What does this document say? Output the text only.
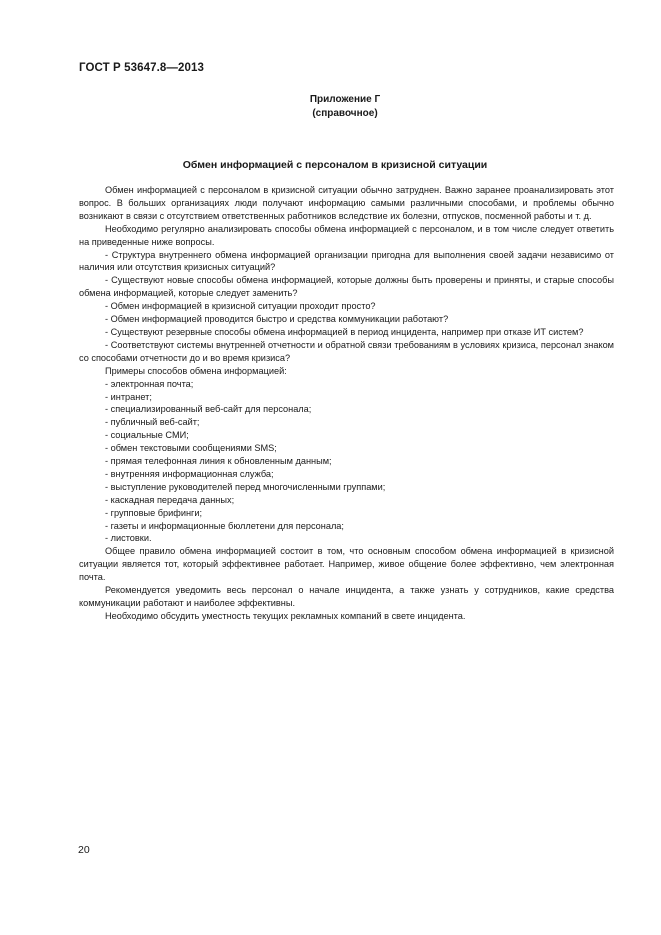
ГОСТ Р 53647.8—2013
Приложение Г
(справочное)
Обмен информацией с персоналом в кризисной ситуации

Обмен информацией с персоналом в кризисной ситуации обычно затруднен. Важно заранее проанализировать этот вопрос. В больших организациях люди получают информацию самыми различными способами, и проблемы обычно возникают в связи с отсутствием ответственных работников вследствие их болезни, отпусков, посменной работы и т. д.

Необходимо регулярно анализировать способы обмена информацией с персоналом, и в том числе следует ответить на приведенные ниже вопросы.

- Структура внутреннего обмена информацией организации пригодна для выполнения своей задачи независимо от наличия или отсутствия кризисных ситуаций?

- Существуют новые способы обмена информацией, которые должны быть проверены и приняты, и старые способы обмена информацией, которые следует заменить?

- Обмен информацией в кризисной ситуации проходит просто?

- Обмен информацией проводится быстро и средства коммуникации работают?

- Существуют резервные способы обмена информацией в период инцидента, например при отказе ИТ систем?

- Соответствуют системы внутренней отчетности и обратной связи требованиям в условиях кризиса, персонал знаком со способами отчетности до и во время кризиса?

Примеры способов обмена информацией:

- электронная почта;

- интранет;

- специализированный веб-сайт для персонала;

- публичный веб-сайт;

- социальные СМИ;

- обмен текстовыми сообщениями SMS;

- прямая телефонная линия к обновленным данным;

- внутренняя информационная служба;

- выступление руководителей перед многочисленными группами;

- каскадная передача данных;

- групповые брифинги;

- газеты и информационные бюллетени для персонала;

- листовки.

Общее правило обмена информацией состоит в том, что основным способом обмена информацией в кризисной ситуации является тот, который эффективнее работает. Например, живое общение более эффективно, чем электронная почта.

Рекомендуется уведомить весь персонал о начале инцидента, а также узнать у сотрудников, какие средства коммуникации работают и наиболее эффективны.

Необходимо обсудить уместность текущих рекламных компаний в свете инцидента.

20
